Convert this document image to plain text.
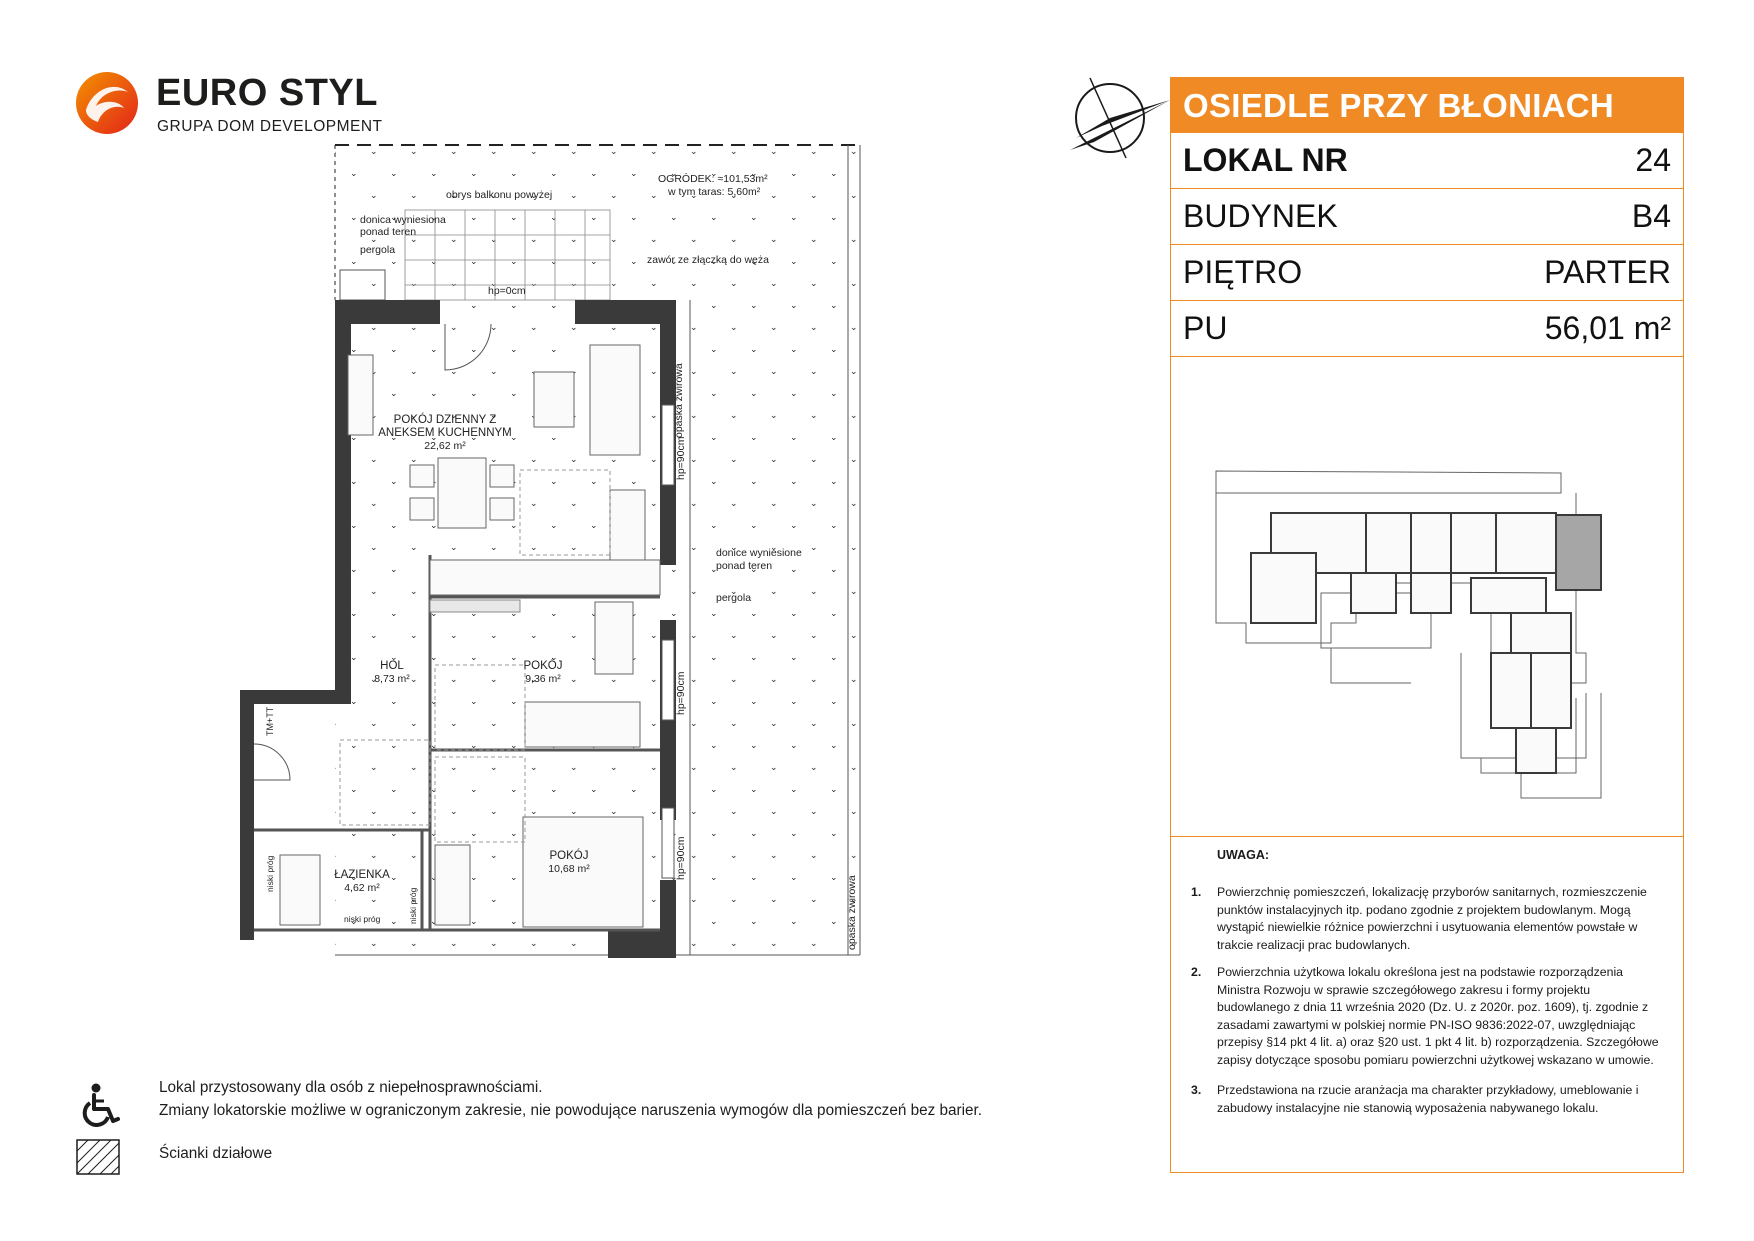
EURO STYL
GRUPA DOM DEVELOPMENT
OGRÓDEK: ≈101,53m²
w tym taras: 5,60m²
obrys balkonu powyżej
donica wyniesiona
ponad teren
pergola
zawór ze złączką do węża
hp=0cm
opaska żwirowa
opaska żwirowa
hp=90cm
hp=90cm
hp=90cm
POKÓJ DZIENNY Z
ANEKSEM KUCHENNYM
22,62 m²
donice wyniesione
ponad teren
pergola
HOL
8,73 m²
POKÓJ
9,36 m²
POKÓJ
10,68 m²
ŁAZIENKA
4,62 m²
TM+TT
niski próg
niski próg
niski próg
OSIEDLE PRZY BŁONIACH
LOKAL NR	24
BUDYNEK	B4
PIĘTRO	PARTER
PU	56,01 m²
UWAGA:
1. Powierzchnię pomieszczeń, lokalizację przyborów sanitarnych, rozmieszczenie punktów instalacyjnych itp. podano zgodnie z projektem budowlanym. Mogą wystąpić niewielkie różnice powierzchni i usytuowania elementów powstałe w trakcie realizacji prac budowlanych.
2. Powierzchnia użytkowa lokalu określona jest na podstawie rozporządzenia Ministra Rozwoju w sprawie szczegółowego zakresu i formy projektu budowlanego z dnia 11 września 2020 (Dz. U. z 2020r. poz. 1609), tj. zgodnie z zasadami zawartymi w polskiej normie PN-ISO 9836:2022-07, uwzględniając przepisy §14 pkt 4 lit. a) oraz §20 ust. 1 pkt 4 lit. b) rozporządzenia. Szczegółowe zapisy dotyczące sposobu pomiaru powierzchni użytkowej wskazano w umowie.
3. Przedstawiona na rzucie aranżacja ma charakter przykładowy, umeblowanie i zabudowy instalacyjne nie stanowią wyposażenia nabywanego lokalu.
Lokal przystosowany dla osób z niepełnosprawnościami.
Zmiany lokatorskie możliwe w ograniczonym zakresie, nie powodujące naruszenia wymogów dla pomieszczeń bez barier.
Ścianki działowe
